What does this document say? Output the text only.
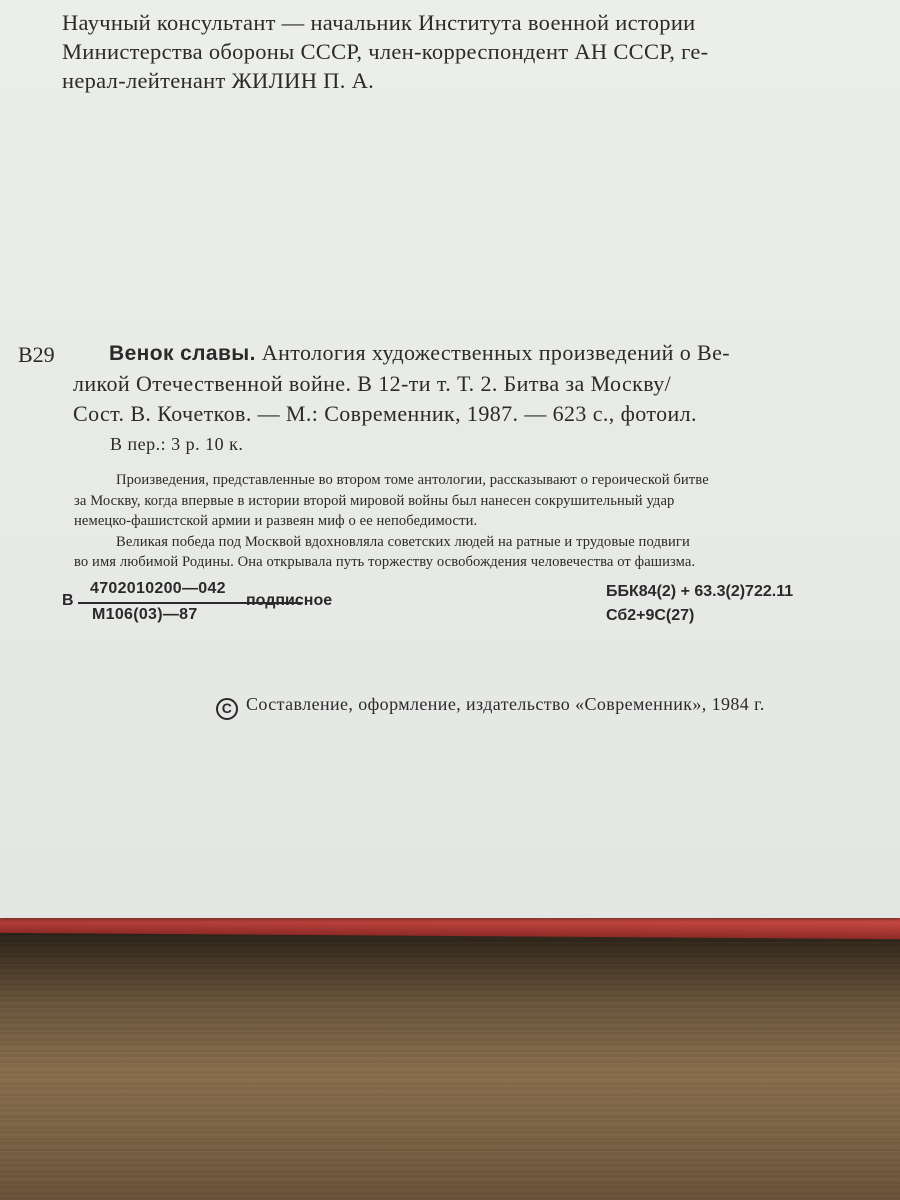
Научный консультант — начальник Института военной истории
Министерства обороны СССР, член-корреспондент АН СССР, ге-
нерал-лейтенант ЖИЛИН П. А.
В29	Венок славы. Антология художественных произведений о Ве-
ликой Отечественной войне. В 12-ти т. Т. 2. Битва за Москву/
Сост. В. Кочетков. — М.: Современник, 1987. — 623 с., фотоил.
В пер.: 3 р. 10 к.
Произведения, представленные во втором томе антологии, рассказывают о героической битве
за Москву, когда впервые в истории второй мировой войны был нанесен сокрушительный удар
немецко-фашистской армии и развеян миф о ее непобедимости.
Великая победа под Москвой вдохновляла советских людей на ратные и трудовые подвиги
во имя любимой Родины. Она открывала путь торжеству освобождения человечества от фашизма.
В
4702010200—042
М106(03)—87
подписное
ББК84(2) + 63.3(2)722.11
Сб2+9С(27)
C Составление, оформление, издательство «Современник», 1984 г.
